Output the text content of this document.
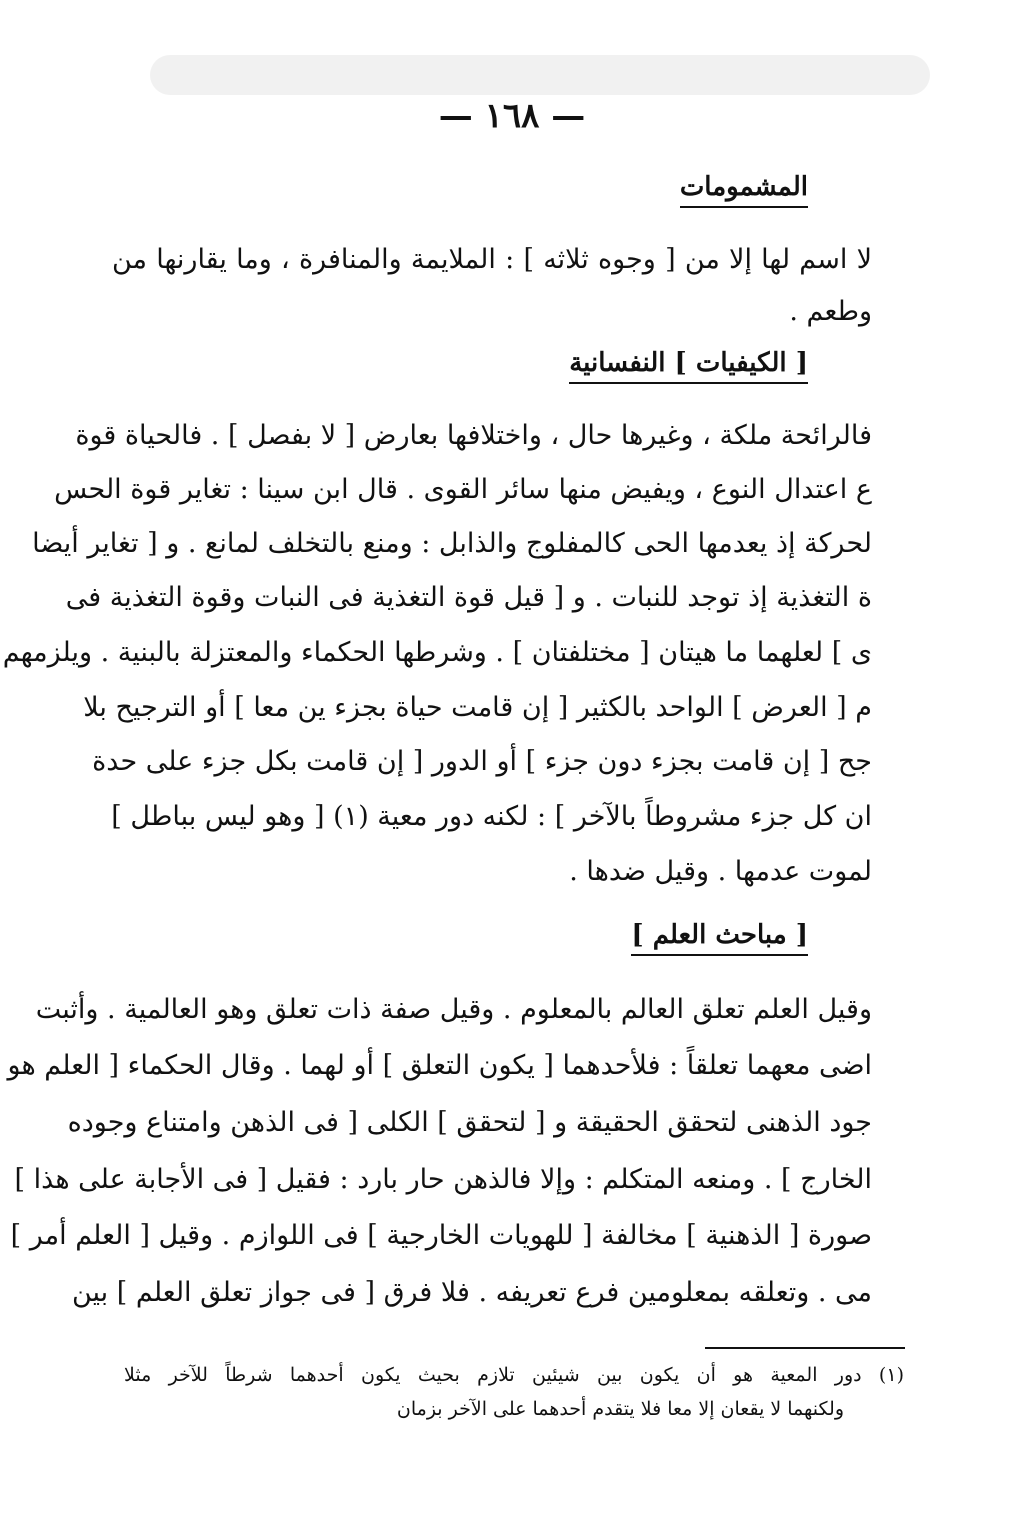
— ١٦٨ —
المشمومات
لا اسم لها إلا من [ وجوه ثلاثه ] : الملايمة والمنافرة ، وما يقارنها من
وطعم .
[ الكيفيات ] النفسانية
فالرائحة ملكة ، وغيرها حال ، واختلافها بعارض [ لا بفصل ] . فالحياة قوة
ع اعتدال النوع ، ويفيض منها سائر القوى . قال ابن سينا : تغاير قوة الحس
لحركة إذ يعدمها الحى كالمفلوج والذابل : ومنع بالتخلف لمانع . و [ تغاير أيضا
ة التغذية إذ توجد للنبات . و [ قيل قوة التغذية فى النبات وقوة التغذية فى
ى ] لعلهما ما هيتان [ مختلفتان ] . وشرطها الحكماء والمعتزلة بالبنية . ويلزمهم
م [ العرض ] الواحد بالكثير [ إن قامت حياة بجزء ين معا ] أو الترجيح بلا
جح [ إن قامت بجزء دون جزء ] أو الدور [ إن قامت بكل جزء على حدة
ان كل جزء مشروطاً بالآخر ] : لكنه دور معية (١) [ وهو ليس بباطل ]
لموت عدمها . وقيل ضدها .
[ مباحث العلم ]
وقيل العلم تعلق العالم بالمعلوم . وقيل صفة ذات تعلق وهو العالمية . وأثبت
اضى معهما تعلقاً : فلأحدهما [ يكون التعلق ] أو لهما . وقال الحكماء [ العلم هو
جود الذهنى لتحقق الحقيقة و [ لتحقق ] الكلى [ فى الذهن وامتناع وجوده
الخارج ] . ومنعه المتكلم : وإلا فالذهن حار بارد : فقيل [ فى الأجابة على هذا ]
صورة [ الذهنية ] مخالفة [ للهويات الخارجية ] فى اللوازم . وقيل [ العلم أمر ]
مى . وتعلقه بمعلومين فرع تعريفه . فلا فرق [ فى جواز تعلق العلم ] بين
(١) دور المعية هو أن يكون بين شيئين تلازم بحيث يكون أحدهما شرطاً للآخر مثلا
ولكنهما لا يقعان إلا معا فلا يتقدم أحدهما على الآخر بزمان
